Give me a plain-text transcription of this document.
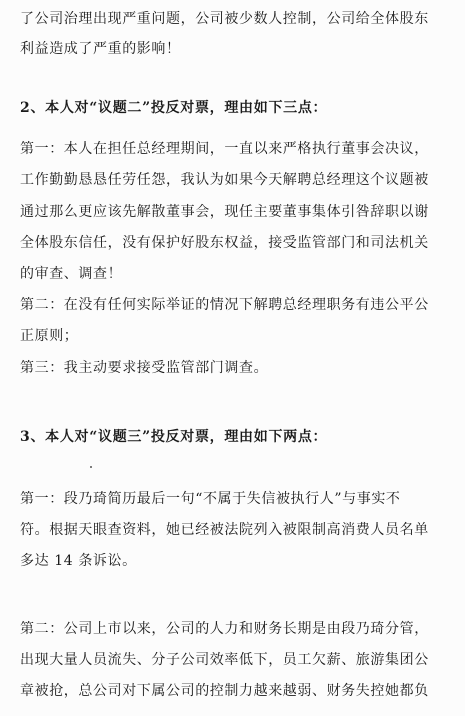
了公司治理出现严重问题，公司被少数人控制，公司给全体股东
利益造成了严重的影响！
2、本人对“议题二”投反对票，理由如下三点：
第一：本人在担任总经理期间，一直以来严格执行董事会决议，
工作勤勤恳恳任劳任怨，我认为如果今天解聘总经理这个议题被
通过那么更应该先解散董事会，现任主要董事集体引咎辞职以谢
全体股东信任，没有保护好股东权益，接受监管部门和司法机关
的审查、调查！
第二：在没有任何实际举证的情况下解聘总经理职务有违公平公
正原则；
第三：我主动要求接受监管部门调查。
3、本人对“议题三”投反对票，理由如下两点：
第一：段乃琦简历最后一句“不属于失信被执行人”与事实不
符。根据天眼查资料，她已经被法院列入被限制高消费人员名单
多达 14 条诉讼。
第二：公司上市以来，公司的人力和财务长期是由段乃琦分管，
出现大量人员流失、分子公司效率低下，员工欠薪、旅游集团公
章被抢，总公司对下属公司的控制力越来越弱、财务失控她都负
